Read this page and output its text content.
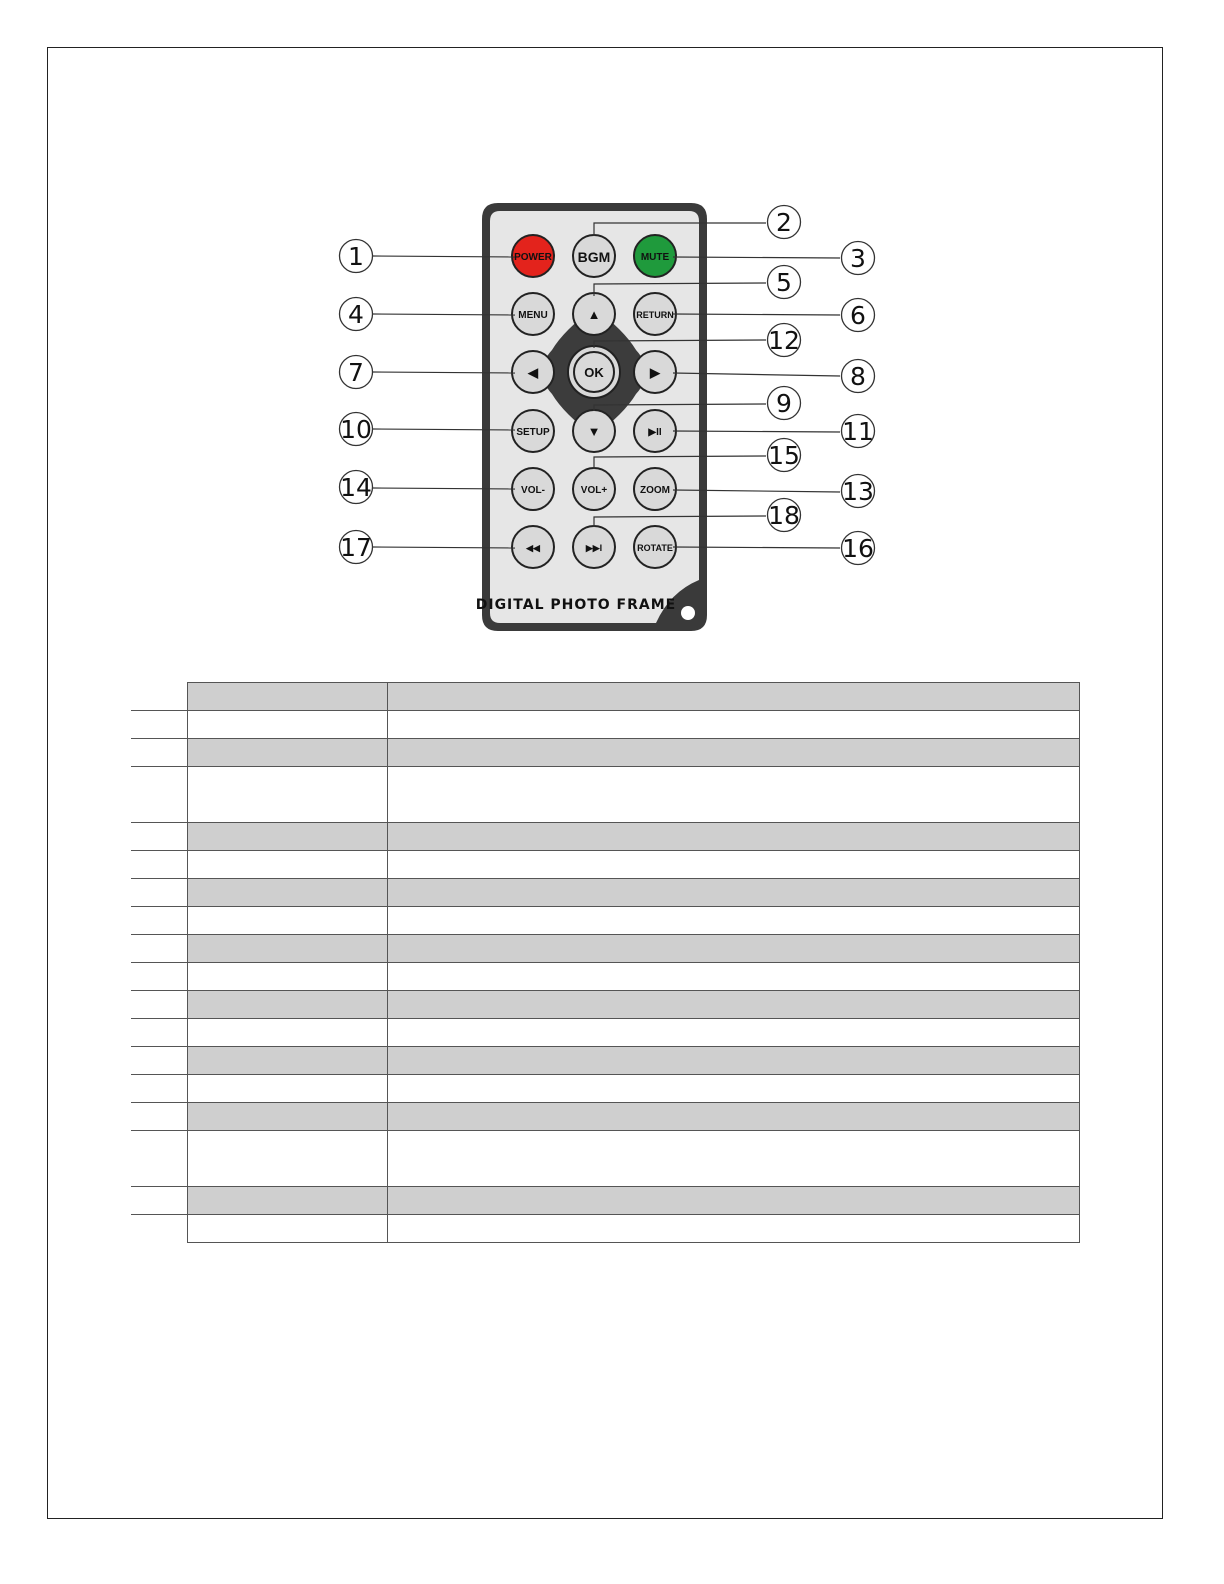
DIGITAL PHOTO FRAME
POWER BGM	MUTE
MENU	▲	RETURN
◀	OK	▶
SETUP	▼	▶II
VOL-	VOL+	ZOOM
◀◀	▶▶I	ROTATE
1
2
3
4
5
6
7	8
9
10	11
12
13
14
15
16
17
18
